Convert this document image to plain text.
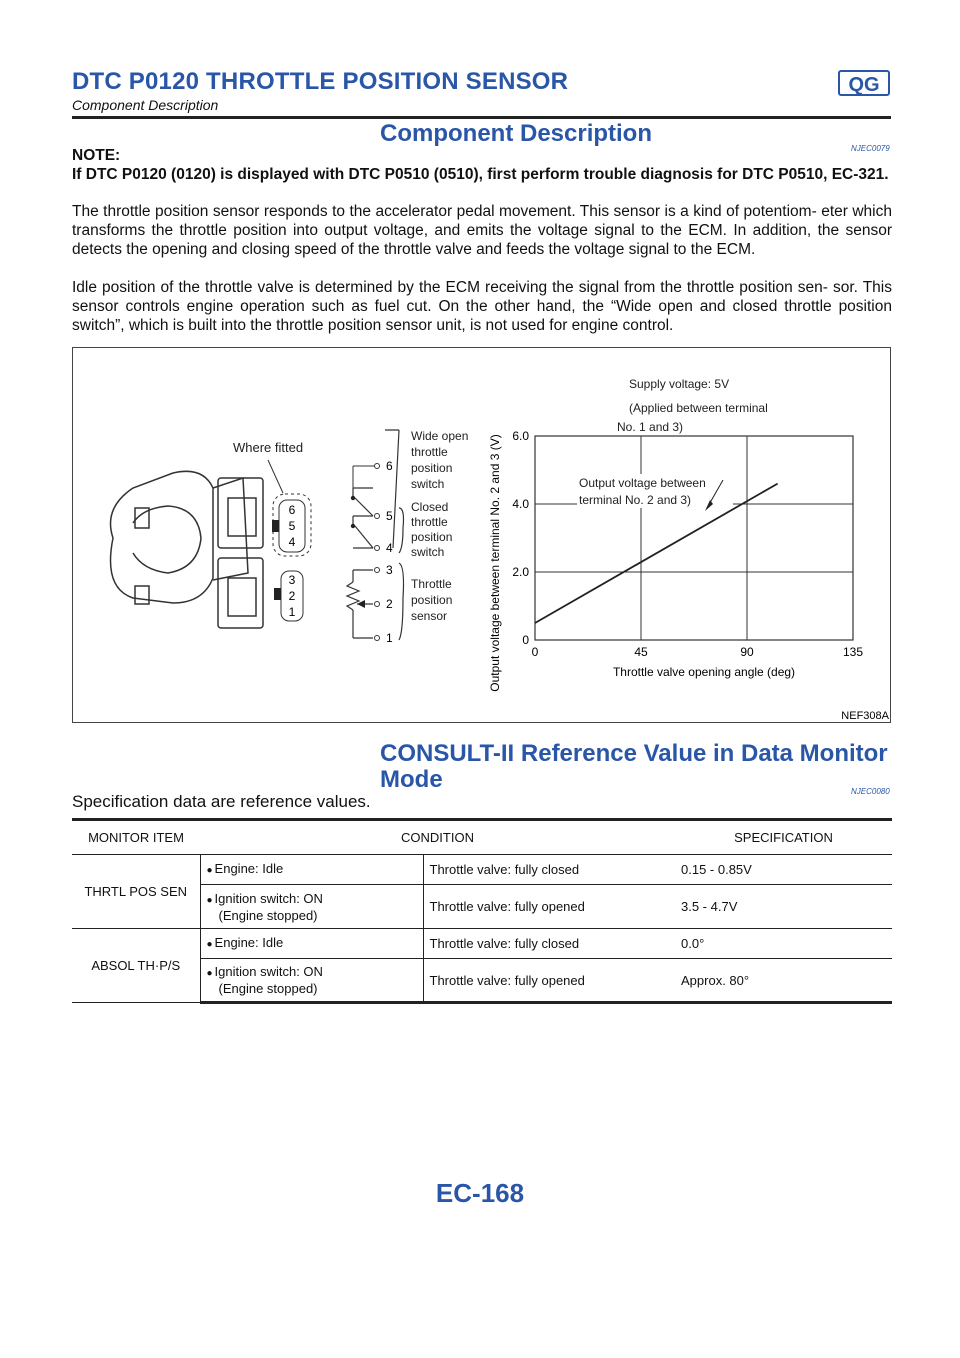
DTC P0120 THROTTLE POSITION SENSOR	QG
Component Description
Component Description
NJEC0079
NOTE:
If DTC P0120 (0120) is displayed with DTC P0510 (0510), first perform trouble diagnosis for DTC P0510, EC-321.
The throttle position sensor responds to the accelerator pedal movement. This sensor is a kind of potentiom- eter which transforms the throttle position into output voltage, and emits the voltage signal to the ECM. In addition, the sensor detects the opening and closing speed of the throttle valve and feeds the voltage signal to the ECM.
Idle position of the throttle valve is determined by the ECM receiving the signal from the throttle position sen- sor. This sensor controls engine operation such as fuel cut. On the other hand, the “Wide open and closed throttle position switch”, which is built into the throttle position sensor unit, is not used for engine control.
Where fitted
6
5
4
3
2
1
6
5
4
3
2
1
Wide open
throttle
position
switch
Closed
throttle
position
switch
Throttle
position
sensor	Output voltage between terminal No. 2 and 3 (V)	Throttle valve opening angle (deg)
0	45	90	135
0
2.0
4.0
6.0
Supply voltage: 5V
(Applied between terminal
No. 1 and 3)
Output voltage between
terminal No. 2 and 3)
NEF308A
CONSULT-II Reference Value in Data Monitor
Mode	NJEC0080
Specification data are reference values.
MONITOR ITEM	CONDITION		SPECIFICATION
THRTL POS SEN	● Engine: Idle	Throttle valve: fully closed	0.15 - 0.85V
	● Ignition switch: ON
(Engine stopped)	Throttle valve: fully opened	3.5 - 4.7V
ABSOL TH·P/S	● Engine: Idle	Throttle valve: fully closed	0.0°
	● Ignition switch: ON
(Engine stopped)	Throttle valve: fully opened	Approx. 80°
EC-168
